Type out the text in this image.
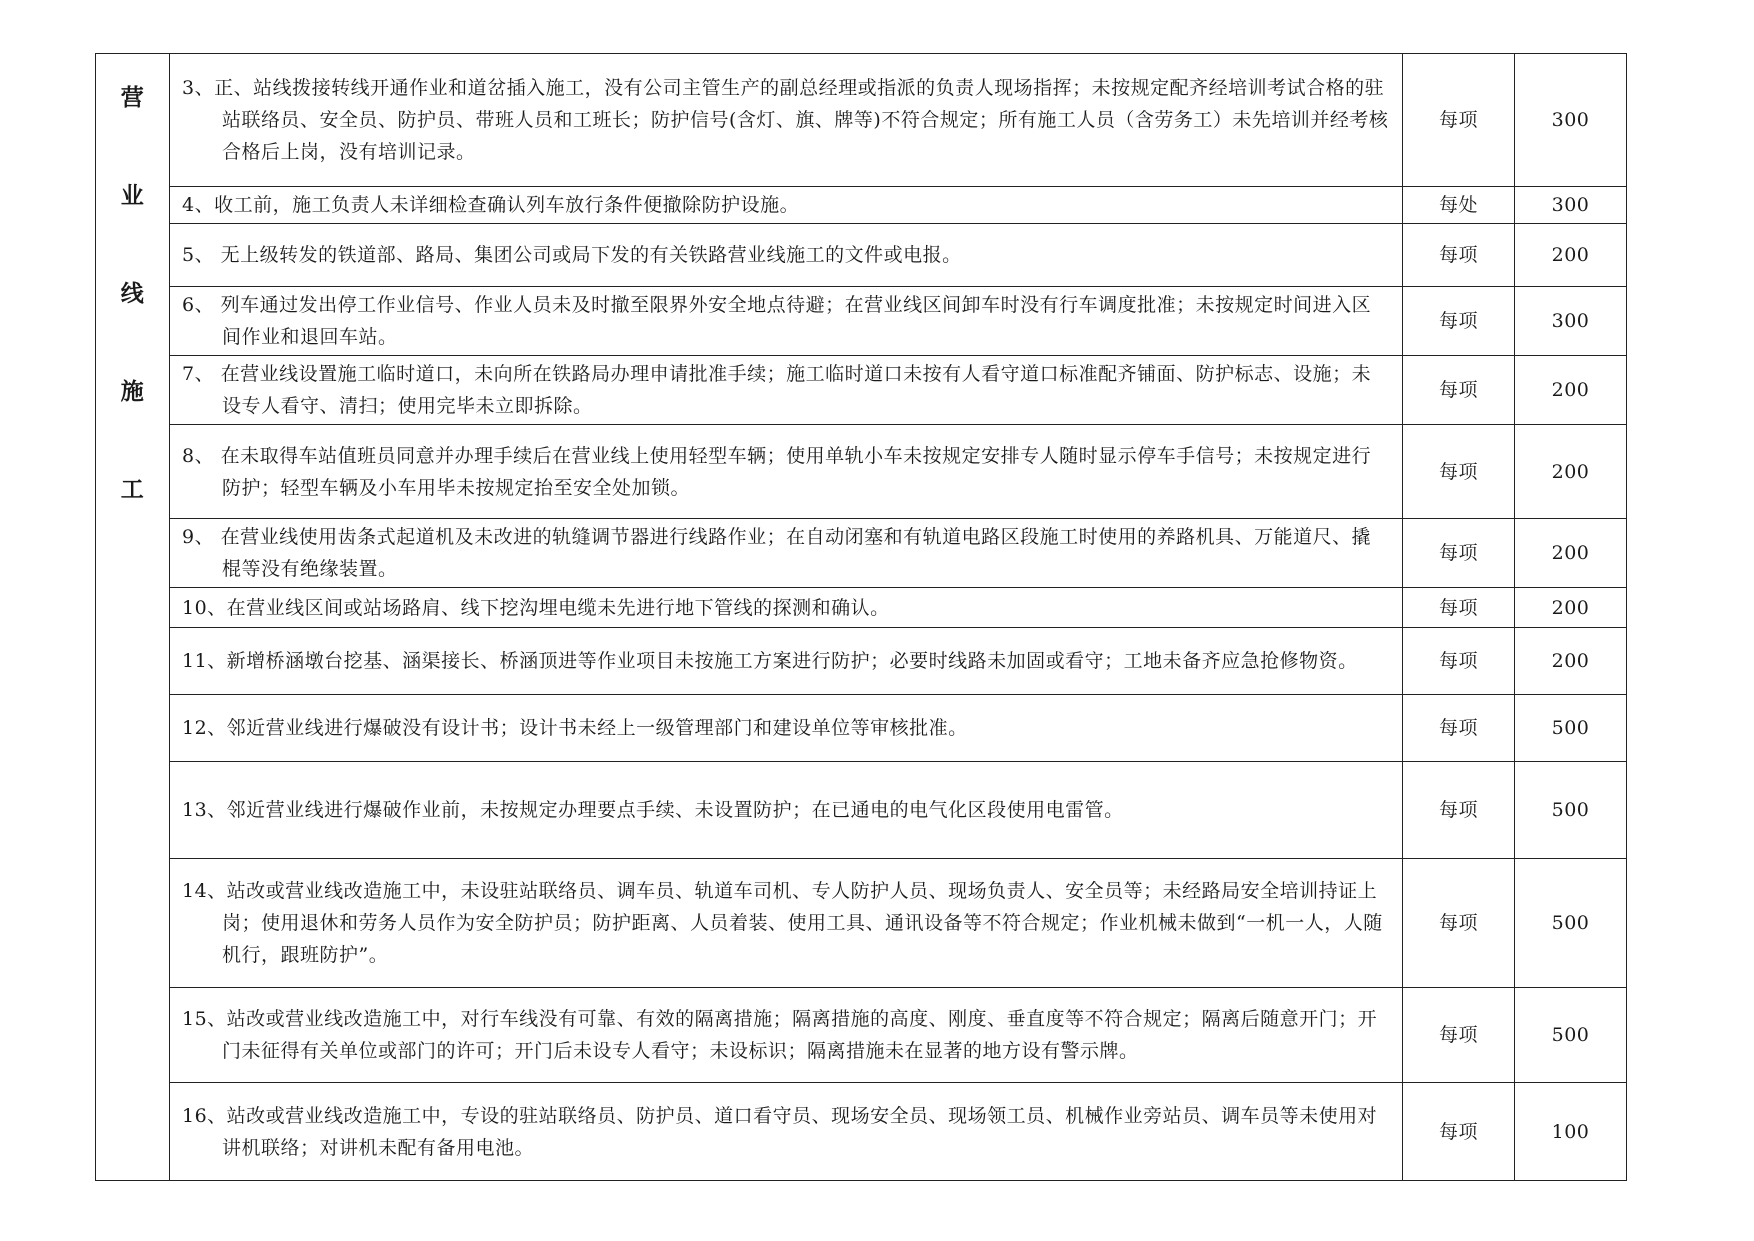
营
业
线
施
工	3、正、站线拨接转线开通作业和道岔插入施工，没有公司主管生产的副总经理或指派的负责人现场指挥；未按规定配齐经培训考试合格的驻站联络员、安全员、防护员、带班人员和工班长；防护信号(含灯、旗、牌等)不符合规定；所有施工人员（含劳务工）未先培训并经考核合格后上岗，没有培训记录。	每项	300

	4、收工前，施工负责人未详细检查确认列车放行条件便撤除防护设施。	每处	300

	5、 无上级转发的铁道部、路局、集团公司或局下发的有关铁路营业线施工的文件或电报。	每项	200

	6、 列车通过发出停工作业信号、作业人员未及时撤至限界外安全地点待避；在营业线区间卸车时没有行车调度批准；未按规定时间进入区间作业和退回车站。	每项	300

	7、 在营业线设置施工临时道口，未向所在铁路局办理申请批准手续；施工临时道口未按有人看守道口标准配齐铺面、防护标志、设施；未设专人看守、清扫；使用完毕未立即拆除。	每项	200

	8、 在未取得车站值班员同意并办理手续后在营业线上使用轻型车辆；使用单轨小车未按规定安排专人随时显示停车手信号；未按规定进行防护；轻型车辆及小车用毕未按规定抬至安全处加锁。	每项	200

	9、 在营业线使用齿条式起道机及未改进的轨缝调节器进行线路作业；在自动闭塞和有轨道电路区段施工时使用的养路机具、万能道尺、撬棍等没有绝缘装置。	每项	200

	10、在营业线区间或站场路肩、线下挖沟埋电缆未先进行地下管线的探测和确认。	每项	200

	11、新增桥涵墩台挖基、涵渠接长、桥涵顶进等作业项目未按施工方案进行防护；必要时线路未加固或看守；工地未备齐应急抢修物资。	每项	200

	12、邻近营业线进行爆破没有设计书；设计书未经上一级管理部门和建设单位等审核批准。	每项	500

	13、邻近营业线进行爆破作业前，未按规定办理要点手续、未设置防护；在已通电的电气化区段使用电雷管。	每项	500

	14、站改或营业线改造施工中，未设驻站联络员、调车员、轨道车司机、专人防护人员、现场负责人、安全员等；未经路局安全培训持证上岗；使用退休和劳务人员作为安全防护员；防护距离、人员着装、使用工具、通讯设备等不符合规定；作业机械未做到“一机一人，人随机行，跟班防护”。	每项	500

	15、站改或营业线改造施工中，对行车线没有可靠、有效的隔离措施；隔离措施的高度、刚度、垂直度等不符合规定；隔离后随意开门；开门未征得有关单位或部门的许可；开门后未设专人看守；未设标识；隔离措施未在显著的地方设有警示牌。	每项	500

	16、站改或营业线改造施工中，专设的驻站联络员、防护员、道口看守员、现场安全员、现场领工员、机械作业旁站员、调车员等未使用对讲机联络；对讲机未配有备用电池。	每项	100
